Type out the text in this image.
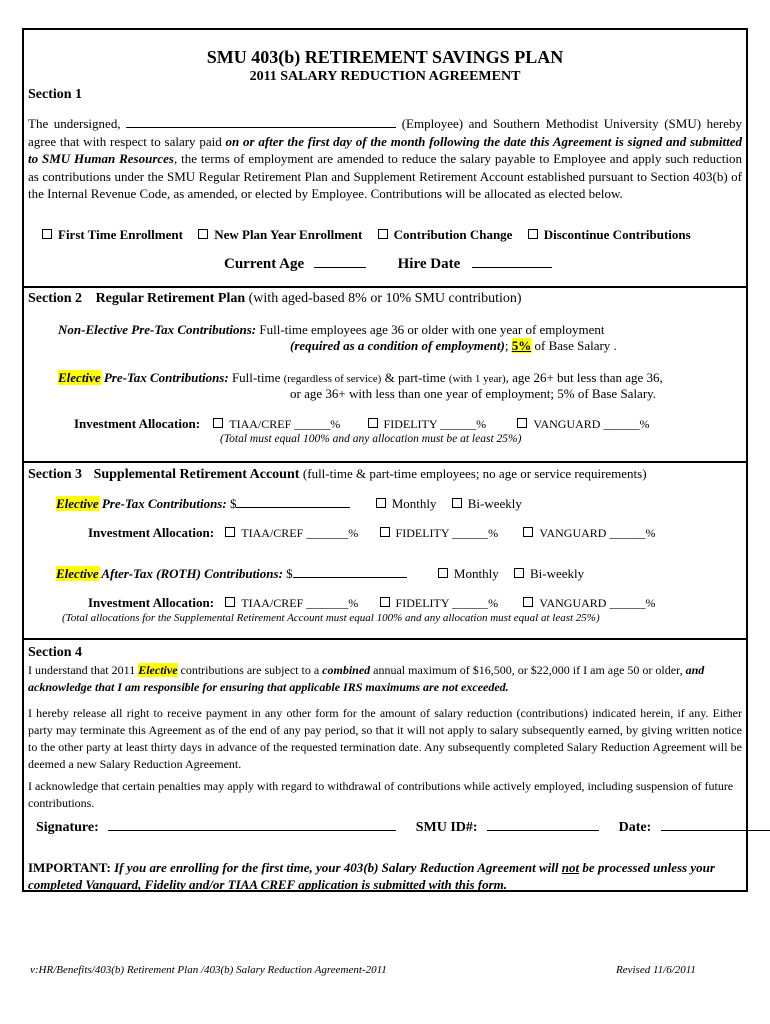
SMU 403(b) RETIREMENT SAVINGS PLAN
2011 SALARY REDUCTION AGREEMENT
Section 1
The undersigned,	(Employee) and Southern Methodist University (SMU) hereby agree that with respect to salary paid on or after the first day of the month following the date this Agreement is signed and submitted to SMU Human Resources, the terms of employment are amended to reduce the salary payable to Employee and apply such reduction as contributions under the SMU Regular Retirement Plan and Supplement Retirement Account established pursuant to Section 403(b) of the Internal Revenue Code, as amended, or elected by Employee. Contributions will be allocated as elected below.
First Time Enrollment New Plan Year Enrollment Contribution Change Discontinue Contributions
Current Age	Hire Date
Section 2 Regular Retirement Plan (with aged-based 8% or 10% SMU contribution)
Non-Elective Pre-Tax Contributions: Full-time employees age 36 or older with one year of employment
(required as a condition of employment); 5% of Base Salary .
Elective Pre-Tax Contributions: Full-time (regardless of service) & part-time (with 1 year), age 26+ but less than age 36,
or age 36+ with less than one year of employment; 5% of Base Salary.
Investment Allocation: TIAA/CREF ______%	FIDELITY ______%	VANGUARD ______%
(Total must equal 100% and any allocation must be at least 25%)
Section 3 Supplemental Retirement Account (full-time & part-time employees; no age or service requirements)
Elective Pre-Tax Contributions: $	Monthly Bi-weekly
Investment Allocation: TIAA/CREF _______%	FIDELITY ______%	VANGUARD ______%
Elective After-Tax (ROTH) Contributions: $	Monthly Bi-weekly
Investment Allocation: TIAA/CREF _______%	FIDELITY ______%	VANGUARD ______%
(Total allocations for the Supplemental Retirement Account must equal 100% and any allocation must equal at least 25%)
Section 4
I understand that 2011 Elective contributions are subject to a combined annual maximum of $16,500, or $22,000 if I am age 50 or older, and acknowledge that I am responsible for ensuring that applicable IRS maximums are not exceeded.
I hereby release all right to receive payment in any other form for the amount of salary reduction (contributions) indicated herein, if any. Either party may terminate this Agreement as of the end of any pay period, so that it will not apply to salary subsequently earned, by giving written notice to the other party at least thirty days in advance of the requested termination date. Any subsequently completed Salary Reduction Agreement will be deemed a new Salary Reduction Agreement.
I acknowledge that certain penalties may apply with regard to withdrawal of contributions while actively employed, including suspension of future contributions.
Signature:	SMU ID#:	Date:
IMPORTANT: If you are enrolling for the first time, your 403(b) Salary Reduction Agreement will not be processed unless your completed Vanguard, Fidelity and/or TIAA CREF application is submitted with this form.
v:HR/Benefits/403(b) Retirement Plan /403(b) Salary Reduction Agreement-2011	Revised 11/6/2011
